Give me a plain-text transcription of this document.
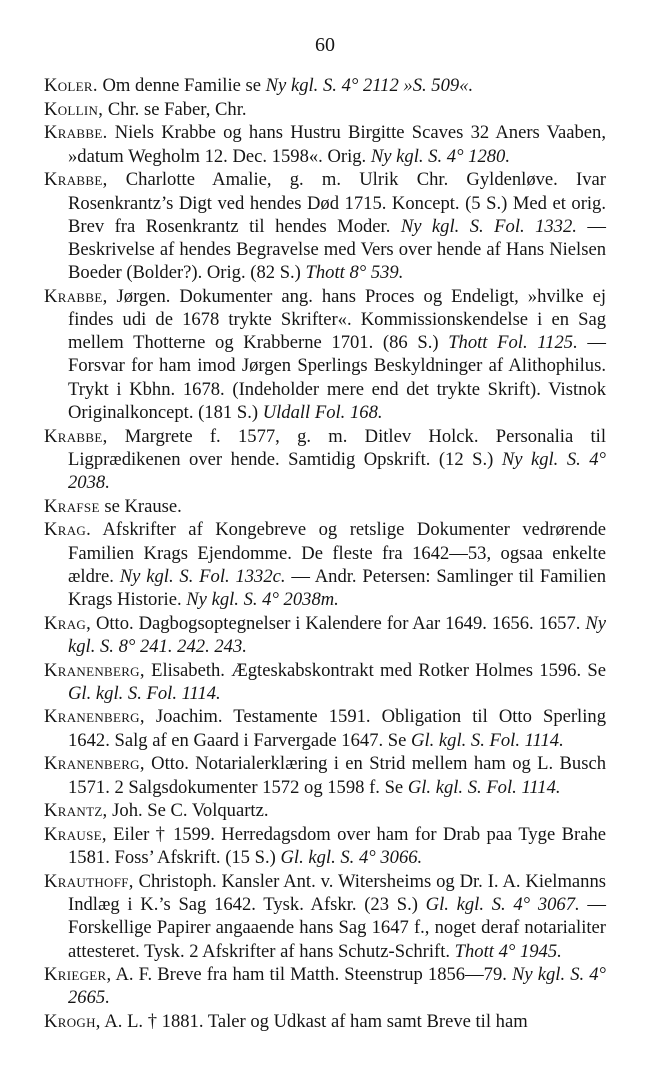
60

Koler. Om denne Familie se Ny kgl. S. 4° 2112 »S. 509«.

Kollin, Chr. se Faber, Chr.

Krabbe. Niels Krabbe og hans Hustru Birgitte Scaves 32 Aners Vaaben, »datum Wegholm 12. Dec. 1598«. Orig. Ny kgl. S. 4° 1280.

Krabbe, Charlotte Amalie, g. m. Ulrik Chr. Gyldenløve. Ivar Rosenkrantz’s Digt ved hendes Død 1715. Koncept. (5 S.) Med et orig. Brev fra Rosenkrantz til hendes Moder. Ny kgl. S. Fol. 1332. — Beskrivelse af hendes Begravelse med Vers over hende af Hans Nielsen Boeder (Bolder?). Orig. (82 S.) Thott 8° 539.

Krabbe, Jørgen. Dokumenter ang. hans Proces og Endeligt, »hvilke ej findes udi de 1678 trykte Skrifter«. Kommissionskendelse i en Sag mellem Thotterne og Krabberne 1701. (86 S.) Thott Fol. 1125. — Forsvar for ham imod Jørgen Sperlings Beskyldninger af Alithophilus. Trykt i Kbhn. 1678. (Indeholder mere end det trykte Skrift). Vistnok Originalkoncept. (181 S.) Uldall Fol. 168.

Krabbe, Margrete f. 1577, g. m. Ditlev Holck. Personalia til Ligprædikenen over hende. Samtidig Opskrift. (12 S.) Ny kgl. S. 4° 2038.

Krafse se Krause.

Krag. Afskrifter af Kongebreve og retslige Dokumenter vedrørende Familien Krags Ejendomme. De fleste fra 1642—53, ogsaa enkelte ældre. Ny kgl. S. Fol. 1332c. — Andr. Petersen: Samlinger til Familien Krags Historie. Ny kgl. S. 4° 2038m.

Krag, Otto. Dagbogsoptegnelser i Kalendere for Aar 1649. 1656. 1657. Ny kgl. S. 8° 241. 242. 243.

Kranenberg, Elisabeth. Ægteskabskontrakt med Rotker Holmes 1596. Se Gl. kgl. S. Fol. 1114.

Kranenberg, Joachim. Testamente 1591. Obligation til Otto Sperling 1642. Salg af en Gaard i Farvergade 1647. Se Gl. kgl. S. Fol. 1114.

Kranenberg, Otto. Notarialerklæring i en Strid mellem ham og L. Busch 1571. 2 Salgsdokumenter 1572 og 1598 f. Se Gl. kgl. S. Fol. 1114.

Krantz, Joh. Se C. Volquartz.

Krause, Eiler † 1599. Herredagsdom over ham for Drab paa Tyge Brahe 1581. Foss’ Afskrift. (15 S.) Gl. kgl. S. 4° 3066.

Krauthoff, Christoph. Kansler Ant. v. Witersheims og Dr. I. A. Kielmanns Indlæg i K.’s Sag 1642. Tysk. Afskr. (23 S.) Gl. kgl. S. 4° 3067. — Forskellige Papirer angaaende hans Sag 1647 f., noget deraf notarialiter attesteret. Tysk. 2 Afskrifter af hans Schutz-Schrift. Thott 4° 1945.

Krieger, A. F. Breve fra ham til Matth. Steenstrup 1856—79. Ny kgl. S. 4° 2665.

Krogh, A. L. † 1881. Taler og Udkast af ham samt Breve til ham
